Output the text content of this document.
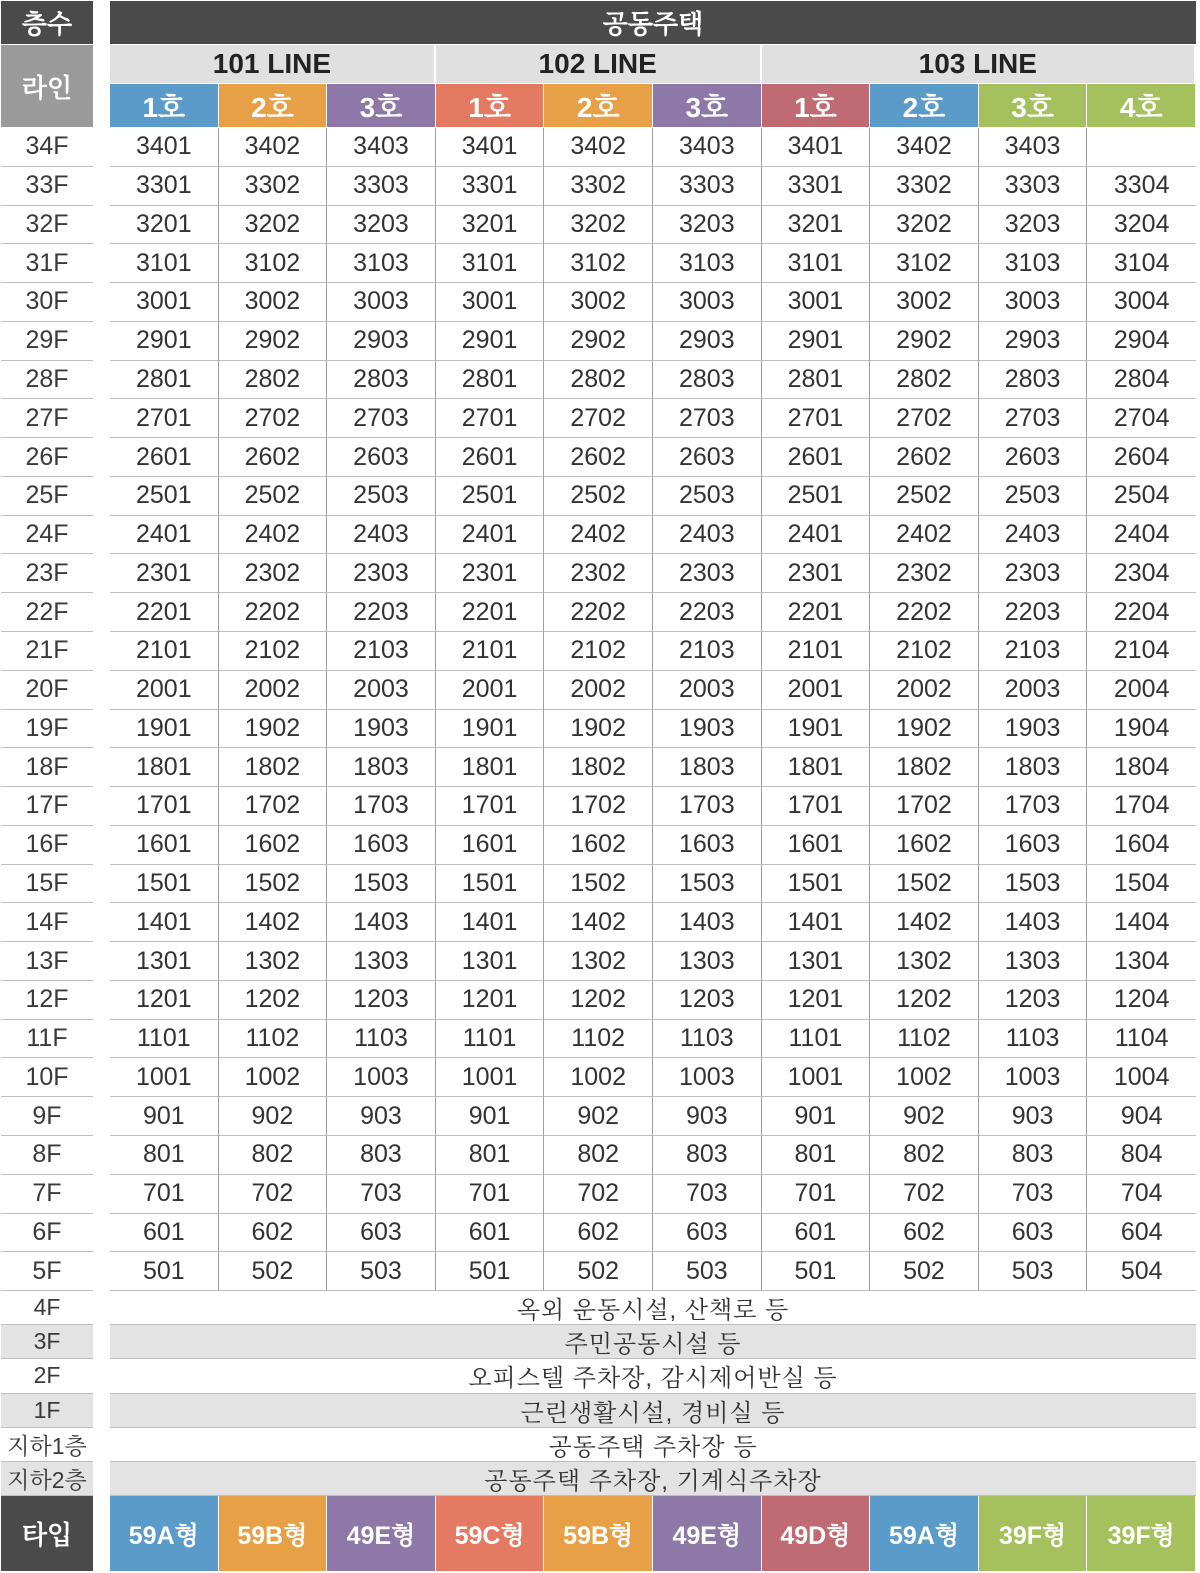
층수
라인
공동주택
101 LINE
1호	2호	3호
102 LINE
1호	2호	3호
103 LINE
1호	2호	3호	4호
34F	3401	3402	3403	3401	3402	3403	3401	3402	3403
33F	3301	3302	3303	3301	3302	3303	3301	3302	3303	3304
32F	3201	3202	3203	3201	3202	3203	3201	3202	3203	3204
31F	3101	3102	3103	3101	3102	3103	3101	3102	3103	3104
30F	3001	3002	3003	3001	3002	3003	3001	3002	3003	3004
29F	2901	2902	2903	2901	2902	2903	2901	2902	2903	2904
28F	2801	2802	2803	2801	2802	2803	2801	2802	2803	2804
27F	2701	2702	2703	2701	2702	2703	2701	2702	2703	2704
26F	2601	2602	2603	2601	2602	2603	2601	2602	2603	2604
25F	2501	2502	2503	2501	2502	2503	2501	2502	2503	2504
24F	2401	2402	2403	2401	2402	2403	2401	2402	2403	2404
23F	2301	2302	2303	2301	2302	2303	2301	2302	2303	2304
22F	2201	2202	2203	2201	2202	2203	2201	2202	2203	2204
21F	2101	2102	2103	2101	2102	2103	2101	2102	2103	2104
20F	2001	2002	2003	2001	2002	2003	2001	2002	2003	2004
19F	1901	1902	1903	1901	1902	1903	1901	1902	1903	1904
18F	1801	1802	1803	1801	1802	1803	1801	1802	1803	1804
17F	1701	1702	1703	1701	1702	1703	1701	1702	1703	1704
16F	1601	1602	1603	1601	1602	1603	1601	1602	1603	1604
15F	1501	1502	1503	1501	1502	1503	1501	1502	1503	1504
14F	1401	1402	1403	1401	1402	1403	1401	1402	1403	1404
13F	1301	1302	1303	1301	1302	1303	1301	1302	1303	1304
12F	1201	1202	1203	1201	1202	1203	1201	1202	1203	1204
11F	1101	1102	1103	1101	1102	1103	1101	1102	1103	1104
10F	1001	1002	1003	1001	1002	1003	1001	1002	1003	1004
9F	901	902	903	901	902	903	901	902	903	904
8F	801	802	803	801	802	803	801	802	803	804
7F	701	702	703	701	702	703	701	702	703	704
6F	601	602	603	601	602	603	601	602	603	604
5F	501	502	503	501	502	503	501	502	503	504
4F	옥외 운동시설, 산책로 등
3F	주민공동시설 등
2F	오피스텔 주차장, 감시제어반실 등
1F	근린생활시설, 경비실 등
지하1층	공동주택 주차장 등
지하2층	공동주택 주차장, 기계식주차장
타입	59A형	59B형	49E형	59C형	59B형	49E형	49D형	59A형	39F형	39F형
